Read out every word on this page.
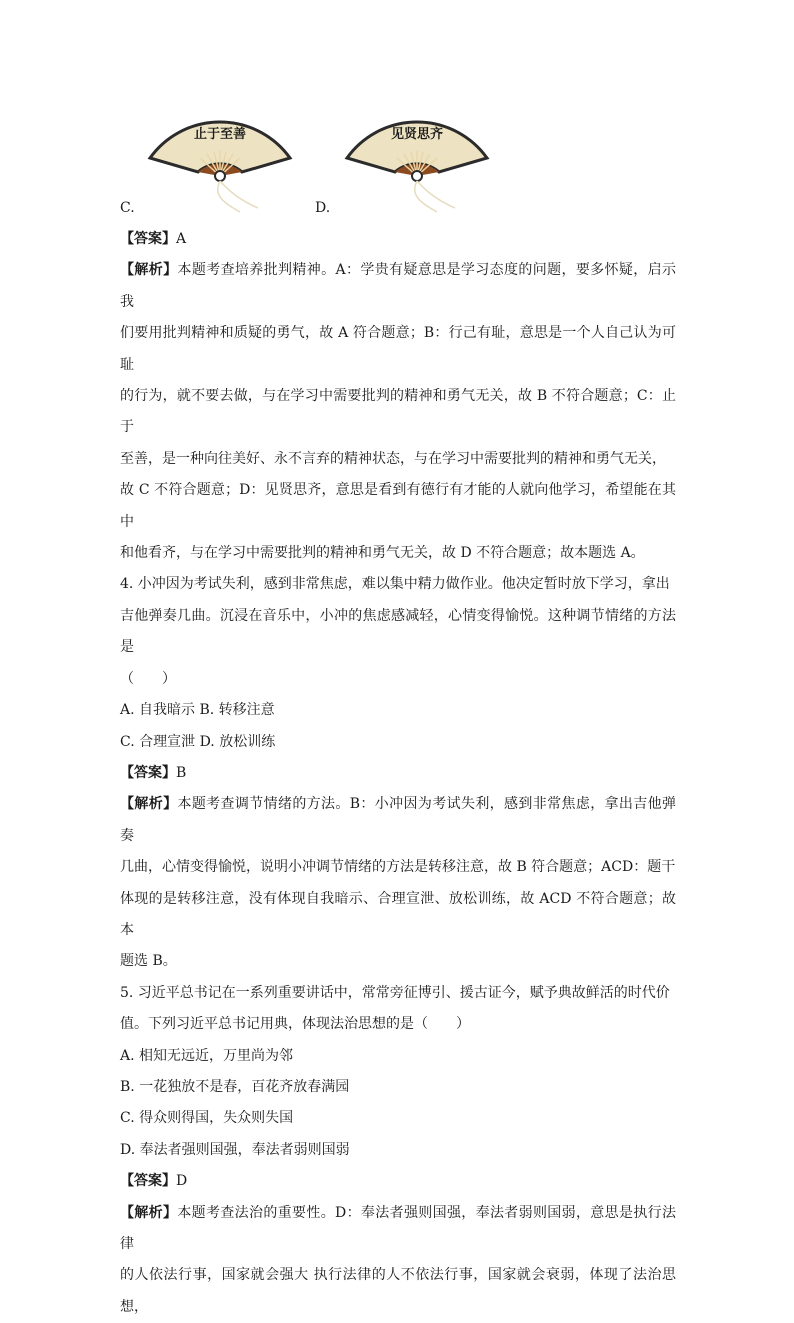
止于至善
C.
见贤思齐
D.

【答案】A

【解析】本题考查培养批判精神。A：学贵有疑意思是学习态度的问题，要多怀疑，启示我

们要用批判精神和质疑的勇气，故 A 符合题意；B：行己有耻，意思是一个人自己认为可耻

的行为，就不要去做，与在学习中需要批判的精神和勇气无关，故 B 不符合题意；C：止于

至善，是一种向往美好、永不言弃的精神状态，与在学习中需要批判的精神和勇气无关，

故 C 不符合题意；D：见贤思齐，意思是看到有德行有才能的人就向他学习，希望能在其中

和他看齐，与在学习中需要批判的精神和勇气无关，故 D 不符合题意；故本题选 A。

4. 小冲因为考试失利，感到非常焦虑，难以集中精力做作业。他决定暂时放下学习，拿出

吉他弹奏几曲。沉浸在音乐中，小冲的焦虑感减轻，心情变得愉悦。这种调节情绪的方法是

（　　）

A. 自我暗示 B. 转移注意

C. 合理宣泄 D. 放松训练

【答案】B

【解析】本题考查调节情绪的方法。B：小冲因为考试失利，感到非常焦虑，拿出吉他弹奏

几曲，心情变得愉悦，说明小冲调节情绪的方法是转移注意，故 B 符合题意；ACD：题干

体现的是转移注意，没有体现自我暗示、合理宣泄、放松训练，故 ACD 不符合题意；故本

题选 B。

5. 习近平总书记在一系列重要讲话中，常常旁征博引、援古证今，赋予典故鲜活的时代价

值。下列习近平总书记用典，体现法治思想的是（　　）

A. 相知无远近，万里尚为邻

B. 一花独放不是春，百花齐放春满园

C. 得众则得国，失众则失国

D. 奉法者强则国强，奉法者弱则国弱

【答案】D

【解析】本题考查法治的重要性。D：奉法者强则国强，奉法者弱则国弱，意思是执行法律

的人依法行事，国家就会强大 执行法律的人不依法行事，国家就会衰弱，体现了法治思想，
